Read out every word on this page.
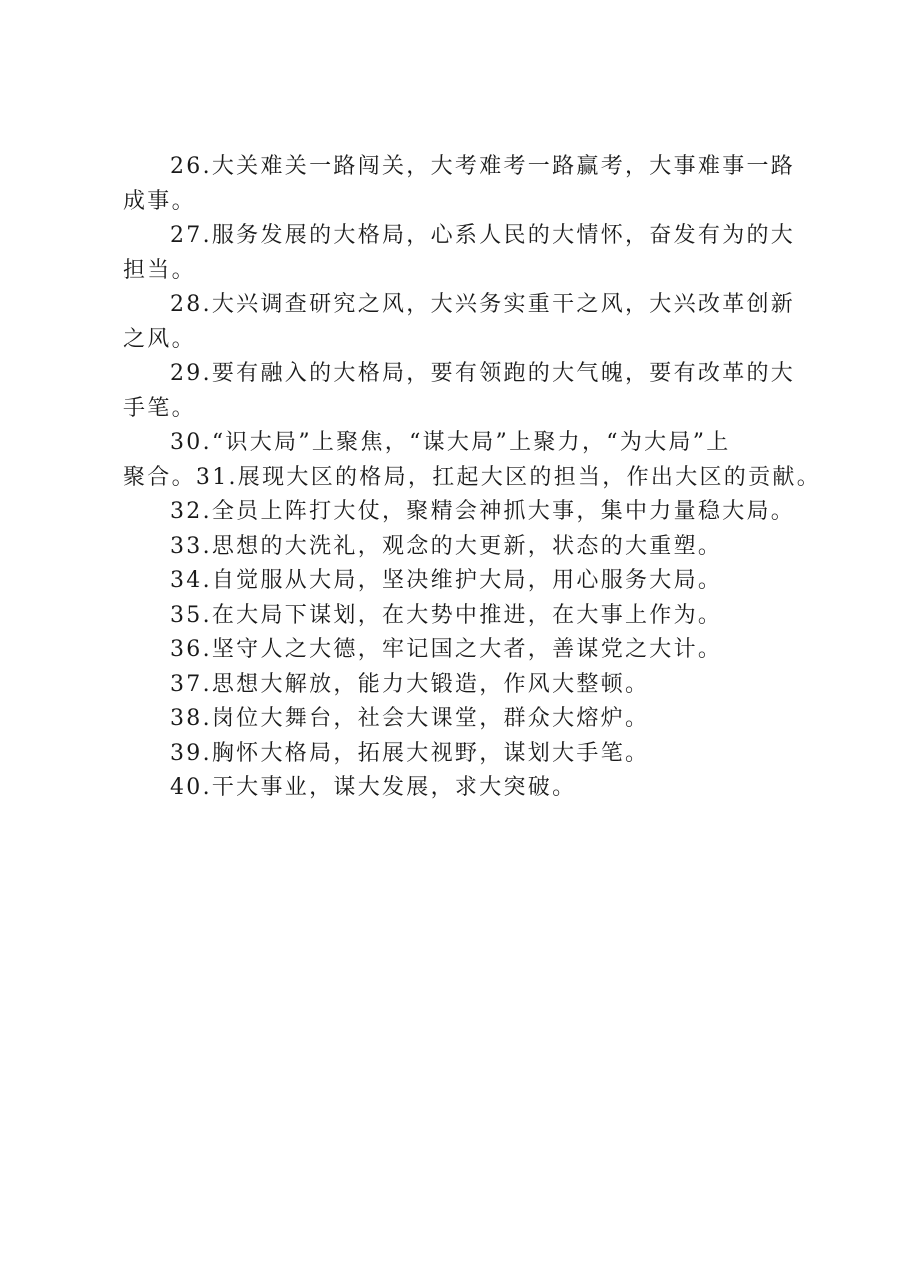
26.大关难关一路闯关，大考难考一路赢考，大事难事一路
成事。
27.服务发展的大格局，心系人民的大情怀，奋发有为的大
担当。
28.大兴调查研究之风，大兴务实重干之风，大兴改革创新
之风。
29.要有融入的大格局，要有领跑的大气魄，要有改革的大
手笔。
30.“识大局”上聚焦，“谋大局”上聚力，“为大局”上
聚合。31.展现大区的格局，扛起大区的担当，作出大区的贡献。
32.全员上阵打大仗，聚精会神抓大事，集中力量稳大局。
33.思想的大洗礼，观念的大更新，状态的大重塑。
34.自觉服从大局，坚决维护大局，用心服务大局。
35.在大局下谋划，在大势中推进，在大事上作为。
36.坚守人之大德，牢记国之大者，善谋党之大计。
37.思想大解放，能力大锻造，作风大整顿。
38.岗位大舞台，社会大课堂，群众大熔炉。
39.胸怀大格局，拓展大视野，谋划大手笔。
40.干大事业，谋大发展，求大突破。
